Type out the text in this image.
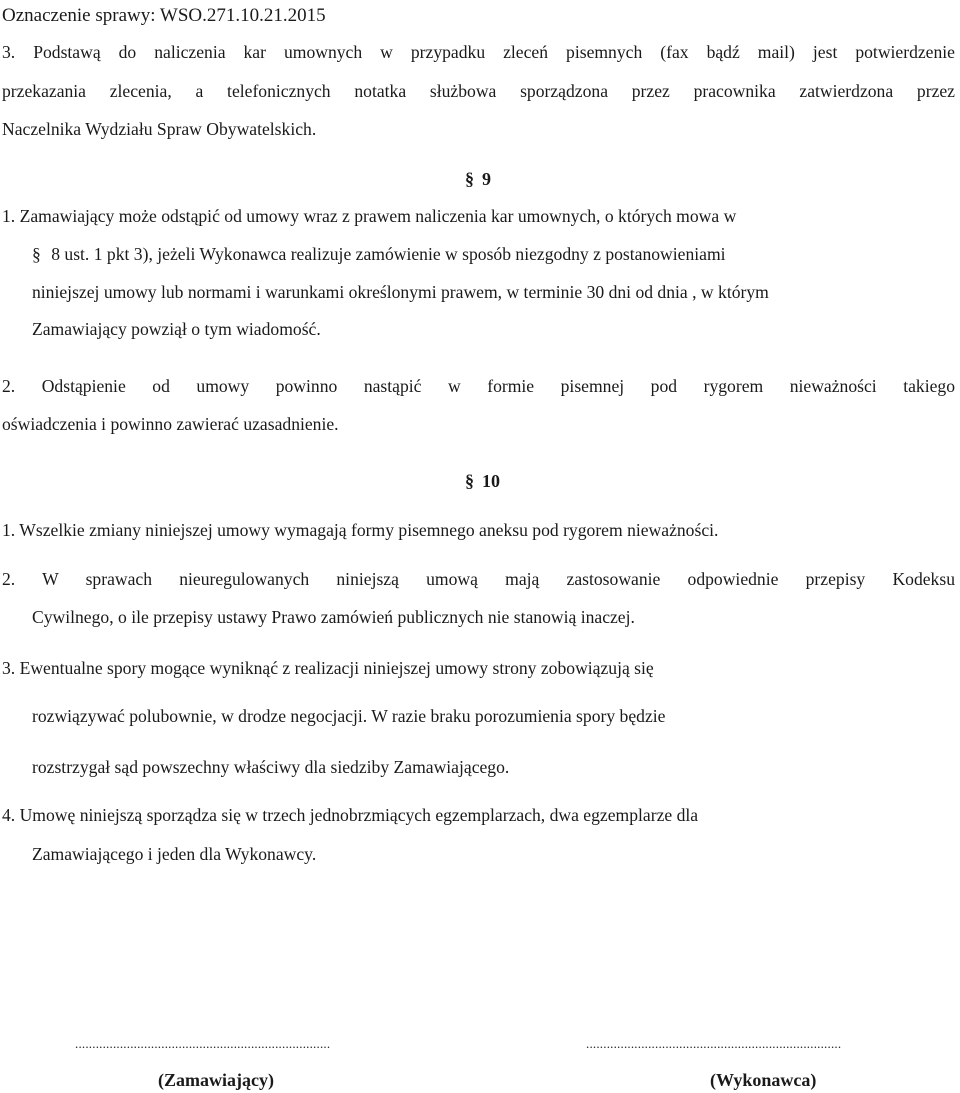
Oznaczenie sprawy: WSO.271.10.21.2015
3. Podstawą do naliczenia kar umownych w przypadku zleceń pisemnych (fax bądź mail) jest potwierdzenie
przekazania zlecenia, a telefonicznych notatka służbowa sporządzona przez pracownika zatwierdzona przez
Naczelnika Wydziału Spraw Obywatelskich.
§ 9
1. Zamawiający może odstąpić od umowy wraz z prawem naliczenia kar umownych, o których mowa w
§ 8 ust. 1 pkt 3), jeżeli Wykonawca realizuje zamówienie w sposób niezgodny z postanowieniami
niniejszej umowy lub normami i warunkami określonymi prawem, w terminie 30 dni od dnia , w którym
Zamawiający powziął o tym wiadomość.
2. Odstąpienie od umowy powinno nastąpić w formie pisemnej pod rygorem nieważności takiego
oświadczenia i powinno zawierać uzasadnienie.
§ 10
1. Wszelkie zmiany niniejszej umowy wymagają formy pisemnego aneksu pod rygorem nieważności.
2. W sprawach nieuregulowanych niniejszą umową mają zastosowanie odpowiednie przepisy Kodeksu
Cywilnego, o ile przepisy ustawy Prawo zamówień publicznych nie stanowią inaczej.
3. Ewentualne spory mogące wyniknąć z realizacji niniejszej umowy strony zobowiązują się
rozwiązywać polubownie, w drodze negocjacji. W razie braku porozumienia spory będzie
rozstrzygał sąd powszechny właściwy dla siedziby Zamawiającego.
4. Umowę niniejszą sporządza się w trzech jednobrzmiących egzemplarzach, dwa egzemplarze dla
Zamawiającego i jeden dla Wykonawcy.
..........................................................................	..........................................................................
(Zamawiający)	(Wykonawca)
